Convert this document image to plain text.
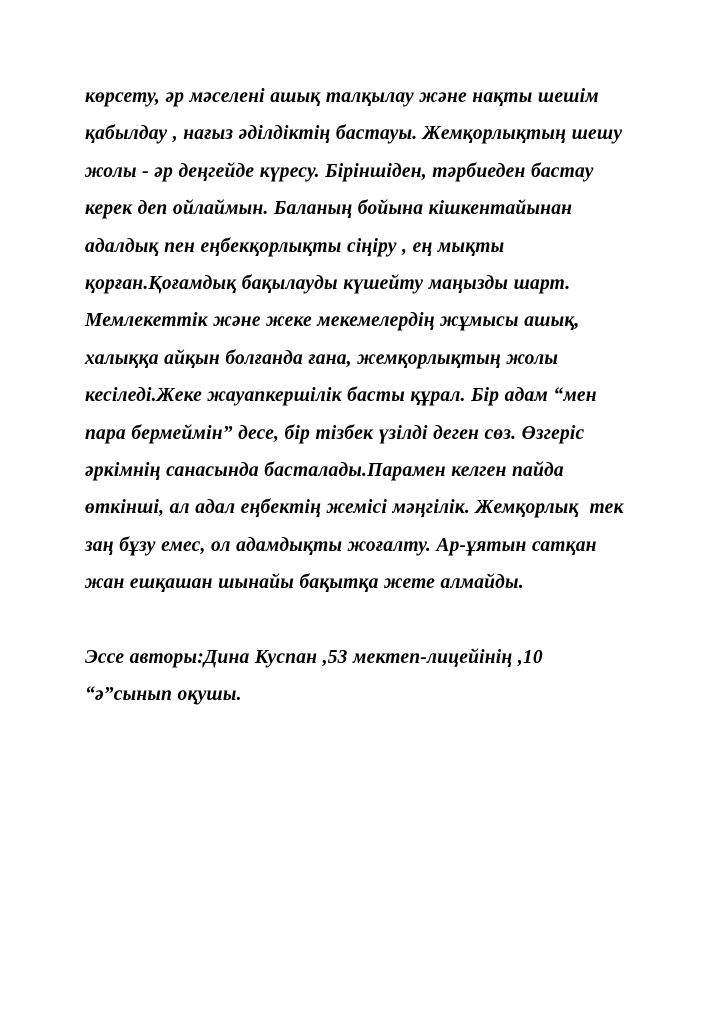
көрсету, әр мәселені ашық талқылау және нақты шешім қабылдау , нағыз әділдіктің бастауы. Жемқорлықтың шешу жолы - әр деңгейде күресу. Біріншіден, тәрбиеден бастау керек деп ойлаймын. Баланың бойына кішкентайынан адалдық пен еңбекқорлықты сіңіру , ең мықты қорған.Қоғамдық бақылауды күшейту маңызды шарт. Мемлекеттік және жеке мекемелердің жұмысы ашық, халыққа айқын болғанда ғана, жемқорлықтың жолы кесіледі.Жеке жауапкершілік басты құрал. Бір адам “мен пара бермеймін” десе, бір тізбек үзілді деген сөз. Өзгеріс әркімнің санасында басталады.Парамен келген пайда  өткінші, ал адал еңбектің жемісі мәңгілік. Жемқорлық  тек заң бұзу емес, ол адамдықты жоғалту. Ар-ұятын сатқан жан ешқашан шынайы бақытқа жете алмайды.

Эссе авторы:Дина Куспан ,53 мектеп-лицейінің ,10 “ә”сынып оқушы.
